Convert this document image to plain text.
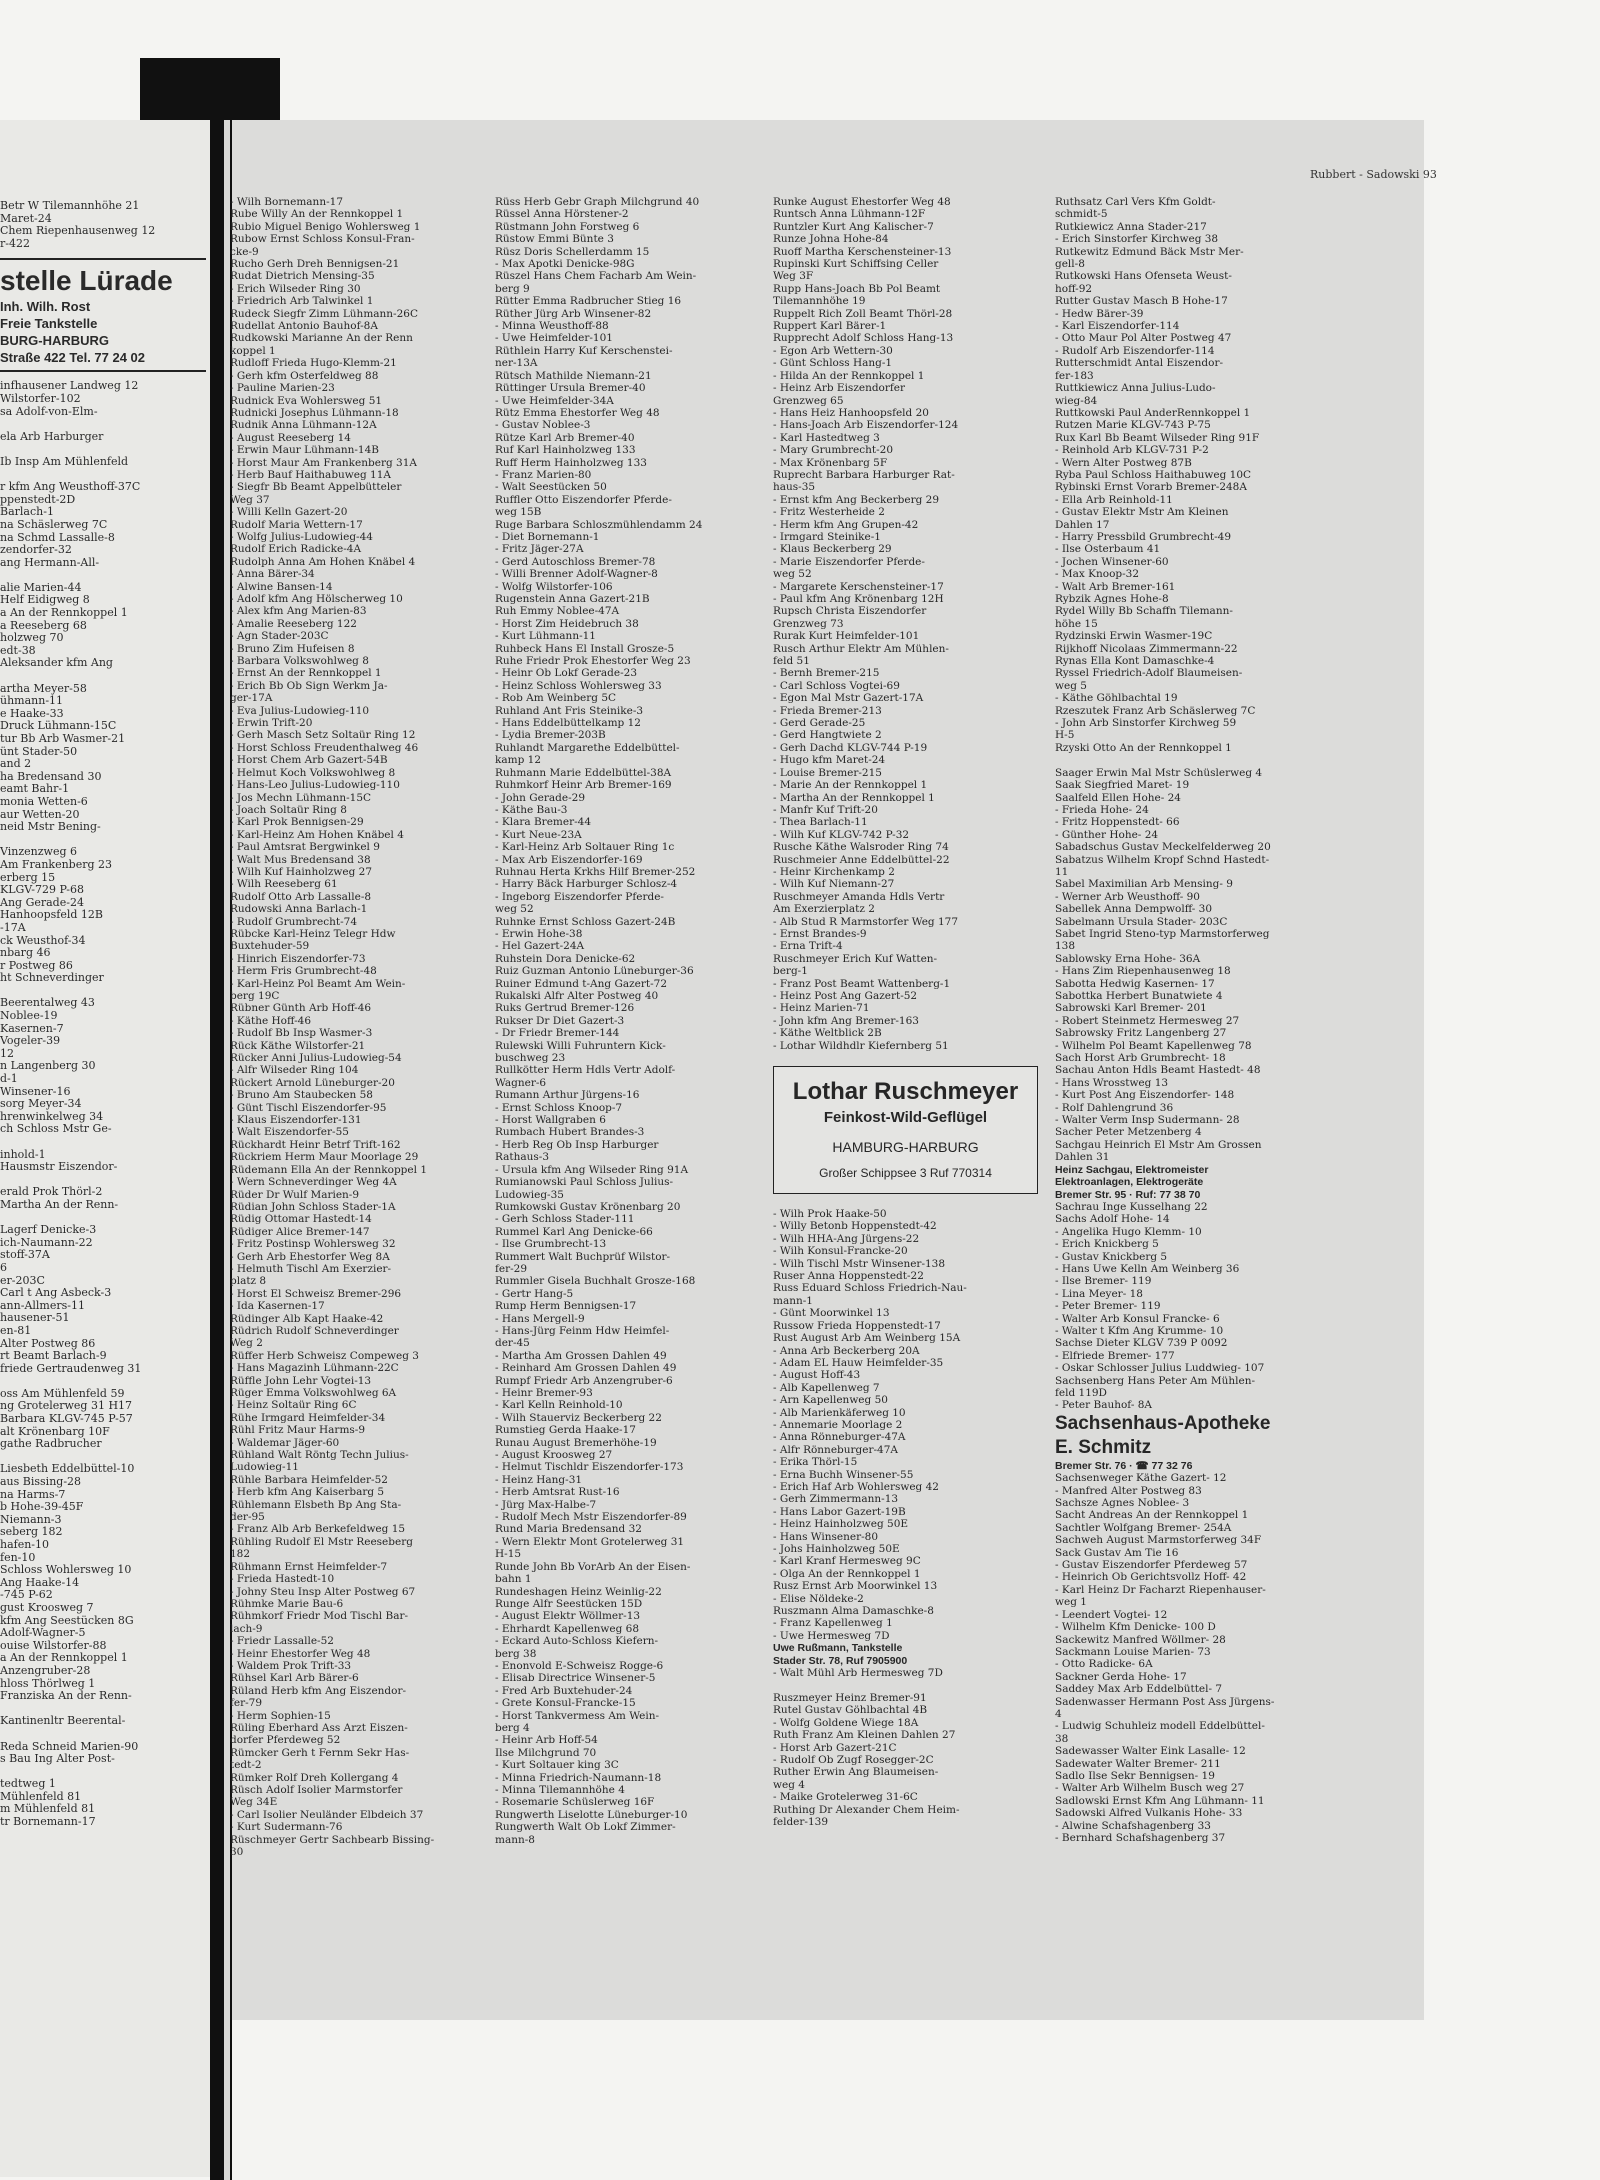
Betr W Tilemannhöhe 21
Maret-24
Chem Riepenhausenweg 12
r-422
stelle Lürade
Inh. Wilh. Rost
Freie Tankstelle
BURG-HARBURG
Straße 422 Tel. 77 24 02
infhausener Landweg 12
Wilstorfer-102
sa Adolf-von-Elm-

ela Arb Harburger

Ib Insp Am Mühlenfeld

r kfm Ang Weusthoff-37C
ppenstedt-2D
Barlach-1
na Schäslerweg 7C
na Schmd Lassalle-8
zendorfer-32
ang Hermann-All-

alie Marien-44
Helf Eidigweg 8
a An der Rennkoppel 1
a Reeseberg 68
holzweg 70
edt-38
Aleksander kfm Ang

artha Meyer-58
ühmann-11
e Haake-33
Druck Lühmann-15C
tur Bb Arb Wasmer-21
ünt Stader-50
and 2
ha Bredensand 30
eamt Bahr-1
monia Wetten-6
aur Wetten-20
neid Mstr Bening-

Vinzenzweg 6
Am Frankenberg 23
erberg 15
KLGV-729 P-68
Ang Gerade-24
Hanhoopsfeld 12B
-17A
ck Weusthof-34
nbarg 46
r Postweg 86
ht Schneverdinger

Beerentalweg 43
Noblee-19
Kasernen-7
Vogeler-39
12
n Langenberg 30
d-1
Winsener-16
sorg Meyer-34
hrenwinkelweg 34
ch Schloss Mstr Ge-

inhold-1
Hausmstr Eiszendor-

erald Prok Thörl-2
Martha An der Renn-

Lagerf Denicke-3
ich-Naumann-22
stoff-37A
6
er-203C
Carl t Ang Asbeck-3
ann-Allmers-11
hausener-51
en-81
Alter Postweg 86
rt Beamt Barlach-9
friede Gertraudenweg 31

oss Am Mühlenfeld 59
ng Grotelerweg 31 H17
Barbara KLGV-745 P-57
alt Krönenbarg 10F
gathe Radbrucher

Liesbeth Eddelbüttel-10
aus Bissing-28
na Harms-7
b Hohe-39-45F
Niemann-3
seberg 182
hafen-10
fen-10
Schloss Wohlersweg 10
Ang Haake-14
-745 P-62
gust Kroosweg 7
kfm Ang Seestücken 8G
Adolf-Wagner-5
ouise Wilstorfer-88
a An der Rennkoppel 1
Anzengruber-28
hloss Thörlweg 1
Franziska An der Renn-

Kantinenltr Beerental-

Reda Schneid Marien-90
s Bau Ing Alter Post-

tedtweg 1
Mühlenfeld 81
m Mühlenfeld 81
tr Bornemann-17
Rubbert - Sadowski 93
- Wilh Bornemann-17
Rube Willy An der Rennkoppel 1
Rubio Miguel Benigo Wohlersweg 1
Rubow Ernst Schloss Konsul-Fran-
cke-9
Rucho Gerh Dreh Bennigsen-21
Rudat Dietrich Mensing-35
- Erich Wilseder Ring 30
- Friedrich Arb Talwinkel 1
Rudeck Siegfr Zimm Lühmann-26C
Rudellat Antonio Bauhof-8A
Rudkowski Marianne An der Renn
koppel 1
Rudloff Frieda Hugo-Klemm-21
- Gerh kfm Osterfeldweg 88
- Pauline Marien-23
Rudnick Eva Wohlersweg 51
Rudnicki Josephus Lühmann-18
Rudnik Anna Lühmann-12A
- August Reeseberg 14
- Erwin Maur Lühmann-14B
- Horst Maur Am Frankenberg 31A
- Herb Bauf Haithabuweg 11A
- Siegfr Bb Beamt Appelbütteler
Weg 37
- Willi Kelln Gazert-20
Rudolf Maria Wettern-17
- Wolfg Julius-Ludowieg-44
Rudolf Erich Radicke-4A
Rudolph Anna Am Hohen Knäbel 4
- Anna Bärer-34
- Alwine Bansen-14
- Adolf kfm Ang Hölscherweg 10
- Alex kfm Ang Marien-83
- Amalie Reeseberg 122
- Agn Stader-203C
- Bruno Zim Hufeisen 8
- Barbara Volkswohlweg 8
- Ernst An der Rennkoppel 1
- Erich Bb Ob Sign Werkm Ja-
ger-17A
- Eva Julius-Ludowieg-110
- Erwin Trift-20
- Gerh Masch Setz Soltaür Ring 12
- Horst Schloss Freudenthalweg 46
- Horst Chem Arb Gazert-54B
- Helmut Koch Volkswohlweg 8
- Hans-Leo Julius-Ludowieg-110
- Jos Mechn Lühmann-15C
- Joach Soltaür Ring 8
- Karl Prok Bennigsen-29
- Karl-Heinz Am Hohen Knäbel 4
- Paul Amtsrat Bergwinkel 9
- Walt Mus Bredensand 38
- Wilh Kuf Hainholzweg 27
- Wilh Reeseberg 61
Rudolf Otto Arb Lassalle-8
Rudowski Anna Barlach-1
- Rudolf Grumbrecht-74
Rübcke Karl-Heinz Telegr Hdw
Buxtehuder-59
- Hinrich Eiszendorfer-73
- Herm Fris Grumbrecht-48
- Karl-Heinz Pol Beamt Am Wein-
berg 19C
Rübner Günth Arb Hoff-46
- Käthe Hoff-46
- Rudolf Bb Insp Wasmer-3
Rück Käthe Wilstorfer-21
Rücker Anni Julius-Ludowieg-54
- Alfr Wilseder Ring 104
Rückert Arnold Lüneburger-20
- Bruno Am Staubecken 58
- Günt Tischl Eiszendorfer-95
- Klaus Eiszendorfer-131
- Walt Eiszendorfer-55
Rückhardt Heinr Betrf Trift-162
Rückriem Herm Maur Moorlage 29
Rüdemann Ella An der Rennkoppel 1
- Wern Schneverdinger Weg 4A
Rüder Dr Wulf Marien-9
Rüdian John Schloss Stader-1A
Rüdig Ottomar Hastedt-14
Rüdiger Alice Bremer-147
- Fritz Postinsp Wohlersweg 32
- Gerh Arb Ehestorfer Weg 8A
- Helmuth Tischl Am Exerzier-
platz 8
- Horst El Schweisz Bremer-296
- Ida Kasernen-17
Rüdinger Alb Kapt Haake-42
Rüdrich Rudolf Schneverdinger
Weg 2
Rüffer Herb Schweisz Compeweg 3
- Hans Magazinh Lühmann-22C
Rüffle John Lehr Vogtei-13
Rüger Emma Volkswohlweg 6A
- Heinz Soltaür Ring 6C
Rühe Irmgard Heimfelder-34
Rühl Fritz Maur Harms-9
- Waldemar Jäger-60
Rühland Walt Röntg Techn Julius-
Ludowieg-11
Rühle Barbara Heimfelder-52
- Herb kfm Ang Kaiserbarg 5
Rühlemann Elsbeth Bp Ang Sta-
der-95
- Franz Alb Arb Berkefeldweg 15
Rühling Rudolf El Mstr Reeseberg
182
Rühmann Ernst Heimfelder-7
- Frieda Hastedt-10
- Johny Steu Insp Alter Postweg 67
Rühmke Marie Bau-6
Rühmkorf Friedr Mod Tischl Bar-
lach-9
- Friedr Lassalle-52
- Heinr Ehestorfer Weg 48
- Waldem Prok Trift-33
Rühsel Karl Arb Bärer-6
Rüland Herb kfm Ang Eiszendor-
fer-79
- Herm Sophien-15
Rüling Eberhard Ass Arzt Eiszen-
dorfer Pferdeweg 52
Rümcker Gerh t Fernm Sekr Has-
tedt-2
Rümker Rolf Dreh Kollergang 4
Rüsch Adolf Isolier Marmstorfer
Weg 34E
- Carl Isolier Neuländer Elbdeich 37
- Kurt Sudermann-76
Rüschmeyer Gertr Sachbearb Bissing-
30
Rüss Herb Gebr Graph Milchgrund 40
Rüssel Anna Hörstener-2
Rüstmann John Forstweg 6
Rüstow Emmi Bünte 3
Rüsz Doris Schellerdamm 15
- Max Apotki Denicke-98G
Rüszel Hans Chem Facharb Am Wein-
berg 9
Rütter Emma Radbrucher Stieg 16
Rüther Jürg Arb Winsener-82
- Minna Weusthoff-88
- Uwe Heimfelder-101
Rüthlein Harry Kuf Kerschenstei-
ner-13A
Rütsch Mathilde Niemann-21
Rüttinger Ursula Bremer-40
- Uwe Heimfelder-34A
Rütz Emma Ehestorfer Weg 48
- Gustav Noblee-3
Rütze Karl Arb Bremer-40
Ruf Karl Hainholzweg 133
Ruff Herm Hainholzweg 133
- Franz Marien-80
- Walt Seestücken 50
Ruffler Otto Eiszendorfer Pferde-
weg 15B
Ruge Barbara Schloszmühlendamm 24
- Diet Bornemann-1
- Fritz Jäger-27A
- Gerd Autoschloss Bremer-78
- Willi Brenner Adolf-Wagner-8
- Wolfg Wilstorfer-106
Rugenstein Anna Gazert-21B
Ruh Emmy Noblee-47A
- Horst Zim Heidebruch 38
- Kurt Lühmann-11
Ruhbeck Hans El Install Grosze-5
Ruhe Friedr Prok Ehestorfer Weg 23
- Heinr Ob Lokf Gerade-23
- Heinz Schloss Wohlersweg 33
- Rob Am Weinberg 5C
Ruhland Ant Fris Steinike-3
- Hans Eddelbüttelkamp 12
- Lydia Bremer-203B
Ruhlandt Margarethe Eddelbüttel-
kamp 12
Ruhmann Marie Eddelbüttel-38A
Ruhmkorf Heinr Arb Bremer-169
- John Gerade-29
- Käthe Bau-3
- Klara Bremer-44
- Kurt Neue-23A
- Karl-Heinz Arb Soltauer Ring 1c
- Max Arb Eiszendorfer-169
Ruhnau Herta Krkhs Hilf Bremer-252
- Harry Bäck Harburger Schlosz-4
- Ingeborg Eiszendorfer Pferde-
weg 52
Ruhnke Ernst Schloss Gazert-24B
- Erwin Hohe-38
- Hel Gazert-24A
Ruhstein Dora Denicke-62
Ruiz Guzman Antonio Lüneburger-36
Ruiner Edmund t-Ang Gazert-72
Rukalski Alfr Alter Postweg 40
Ruks Gertrud Bremer-126
Rukser Dr Diet Gazert-3
- Dr Friedr Bremer-144
Rulewski Willi Fuhruntern Kick-
buschweg 23
Rullkötter Herm Hdls Vertr Adolf-
Wagner-6
Rumann Arthur Jürgens-16
- Ernst Schloss Knoop-7
- Horst Wallgraben 6
Rumbach Hubert Brandes-3
- Herb Reg Ob Insp Harburger
Rathaus-3
- Ursula kfm Ang Wilseder Ring 91A
Rumianowski Paul Schloss Julius-
Ludowieg-35
Rumkowski Gustav Krönenbarg 20
- Gerh Schloss Stader-111
Rummel Karl Ang Denicke-66
- Ilse Grumbrecht-13
Rummert Walt Buchprüf Wilstor-
fer-29
Rummler Gisela Buchhalt Grosze-168
- Gertr Hang-5
Rump Herm Bennigsen-17
- Hans Mergell-9
- Hans-Jürg Feinm Hdw Heimfel-
der-45
- Martha Am Grossen Dahlen 49
- Reinhard Am Grossen Dahlen 49
Rumpf Friedr Arb Anzengruber-6
- Heinr Bremer-93
- Karl Kelln Reinhold-10
- Wilh Stauerviz Beckerberg 22
Rumstieg Gerda Haake-17
Runau August Bremerhöhe-19
- August Kroosweg 27
- Helmut Tischldr Eiszendorfer-173
- Heinz Hang-31
- Herb Amtsrat Rust-16
- Jürg Max-Halbe-7
- Rudolf Mech Mstr Eiszendorfer-89
Rund Maria Bredensand 32
- Wern Elektr Mont Grotelerweg 31
H-15
Runde John Bb VorArb An der Eisen-
bahn 1
Rundeshagen Heinz Weinlig-22
Runge Alfr Seestücken 15D
- August Elektr Wöllmer-13
- Ehrhardt Kapellenweg 68
- Eckard Auto-Schloss Kiefern-
berg 38
- Enonvold E-Schweisz Rogge-6
- Elisab Directrice Winsener-5
- Fred Arb Buxtehuder-24
- Grete Konsul-Francke-15
- Horst Tankvermess Am Wein-
berg 4
- Heinr Arb Hoff-54
Ilse Milchgrund 70
- Kurt Soltauer king 3C
- Minna Friedrich-Naumann-18
- Minna Tilemannhöhe 4
- Rosemarie Schüslerweg 16F
Rungwerth Liselotte Lüneburger-10
Rungwerth Walt Ob Lokf Zimmer-
mann-8
Runke August Ehestorfer Weg 48
Runtsch Anna Lühmann-12F
Runtzler Kurt Ang Kalischer-7
Runze Johna Hohe-84
Ruoff Martha Kerschensteiner-13
Rupinski Kurt Schiffsing Celler
Weg 3F
Rupp Hans-Joach Bb Pol Beamt
Tilemannhöhe 19
Ruppelt Rich Zoll Beamt Thörl-28
Ruppert Karl Bärer-1
Rupprecht Adolf Schloss Hang-13
- Egon Arb Wettern-30
- Günt Schloss Hang-1
- Hilda An der Rennkoppel 1
- Heinz Arb Eiszendorfer
Grenzweg 65
- Hans Heiz Hanhoopsfeld 20
- Hans-Joach Arb Eiszendorfer-124
- Karl Hastedtweg 3
- Mary Grumbrecht-20
- Max Krönenbarg 5F
Ruprecht Barbara Harburger Rat-
haus-35
- Ernst kfm Ang Beckerberg 29
- Fritz Westerheide 2
- Herm kfm Ang Grupen-42
- Irmgard Steinike-1
- Klaus Beckerberg 29
- Marie Eiszendorfer Pferde-
weg 52
- Margarete Kerschensteiner-17
- Paul kfm Ang Krönenbarg 12H
Rupsch Christa Eiszendorfer
Grenzweg 73
Rurak Kurt Heimfelder-101
Rusch Arthur Elektr Am Mühlen-
feld 51
- Bernh Bremer-215
- Carl Schloss Vogtei-69
- Egon Mal Mstr Gazert-17A
- Frieda Bremer-213
- Gerd Gerade-25
- Gerd Hangtwiete 2
- Gerh Dachd KLGV-744 P-19
- Hugo kfm Maret-24
- Louise Bremer-215
- Marie An der Rennkoppel 1
- Martha An der Rennkoppel 1
- Manfr Kuf Trift-20
- Thea Barlach-11
- Wilh Kuf KLGV-742 P-32
Rusche Käthe Walsroder Ring 74
Ruschmeier Anne Eddelbüttel-22
- Heinr Kirchenkamp 2
- Wilh Kuf Niemann-27
Ruschmeyer Amanda Hdls Vertr
Am Exerzierplatz 2
- Alb Stud R Marmstorfer Weg 177
- Ernst Brandes-9
- Erna Trift-4
Ruschmeyer Erich Kuf Watten-
berg-1
- Franz Post Beamt Wattenberg-1
- Heinz Post Ang Gazert-52
- Heinz Marien-71
- John kfm Ang Bremer-163
- Käthe Weltblick 2B
- Lothar Wildhdlr Kiefernberg 51
Lothar Ruschmeyer
Feinkost-Wild-Geflügel
HAMBURG-HARBURG
Großer Schippsee 3 Ruf 770314
- Wilh Prok Haake-50
- Willy Betonb Hoppenstedt-42
- Wilh HHA-Ang Jürgens-22
- Wilh Konsul-Francke-20
- Wilh Tischl Mstr Winsener-138
Ruser Anna Hoppenstedt-22
Russ Eduard Schloss Friedrich-Nau-
mann-1
- Günt Moorwinkel 13
Russow Frieda Hoppenstedt-17
Rust August Arb Am Weinberg 15A
- Anna Arb Beckerberg 20A
- Adam EL Hauw Heimfelder-35
- August Hoff-43
- Alb Kapellenweg 7
- Arn Kapellenweg 50
- Alb Marienkäferweg 10
- Annemarie Moorlage 2
- Anna Rönneburger-47A
- Alfr Rönneburger-47A
- Erika Thörl-15
- Erna Buchh Winsener-55
- Erich Haf Arb Wohlersweg 42
- Gerh Zimmermann-13
- Hans Labor Gazert-19B
- Heinz Hainholzweg 50E
- Hans Winsener-80
- Johs Hainholzweg 50E
- Karl Kranf Hermesweg 9C
- Olga An der Rennkoppel 1
Rusz Ernst Arb Moorwinkel 13
- Elise Nöldeke-2
Ruszmann Alma Damaschke-8
- Franz Kapellenweg 1
- Uwe Hermesweg 7D
Uwe Rußmann, Tankstelle
Stader Str. 78, Ruf 7905900
- Walt Mühl Arb Hermesweg 7D

Ruszmeyer Heinz Bremer-91
Rutel Gustav Göhlbachtal 4B
- Wolfg Goldene Wiege 18A
Ruth Franz Am Kleinen Dahlen 27
- Horst Arb Gazert-21C
- Rudolf Ob Zugf Rosegger-2C
Ruther Erwin Ang Blaumeisen-
weg 4
- Maike Grotelerweg 31-6C
Ruthing Dr Alexander Chem Heim-
felder-139
Ruthsatz Carl Vers Kfm Goldt-
schmidt-5
Rutkiewicz Anna Stader-217
- Erich Sinstorfer Kirchweg 38
Rutkewitz Edmund Bäck Mstr Mer-
gell-8
Rutkowski Hans Ofenseta Weust-
hoff-92
Rutter Gustav Masch B Hohe-17
- Hedw Bärer-39
- Karl Eiszendorfer-114
- Otto Maur Pol Alter Postweg 47
- Rudolf Arb Eiszendorfer-114
Rutterschmidt Antal Eiszendor-
fer-183
Ruttkiewicz Anna Julius-Ludo-
wieg-84
Ruttkowski Paul AnderRennkoppel 1
Rutzen Marie KLGV-743 P-75
Rux Karl Bb Beamt Wilseder Ring 91F
- Reinhold Arb KLGV-731 P-2
- Wern Alter Postweg 87B
Ryba Paul Schloss Haithabuweg 10C
Rybinski Ernst Vorarb Bremer-248A
- Ella Arb Reinhold-11
- Gustav Elektr Mstr Am Kleinen
Dahlen 17
- Harry Pressbild Grumbrecht-49
- Ilse Osterbaum 41
- Jochen Winsener-60
- Max Knoop-32
- Walt Arb Bremer-161
Rybzik Agnes Hohe-8
Rydel Willy Bb Schaffn Tilemann-
höhe 15
Rydzinski Erwin Wasmer-19C
Rijkhoff Nicolaas Zimmermann-22
Rynas Ella Kont Damaschke-4
Ryssel Friedrich-Adolf Blaumeisen-
weg 5
- Käthe Göhlbachtal 19
Rzeszutek Franz Arb Schäslerweg 7C
- John Arb Sinstorfer Kirchweg 59
H-5
Rzyski Otto An der Rennkoppel 1

Saager Erwin Mal Mstr Schüslerweg 4
Saak Siegfried Maret- 19
Saalfeld Ellen Hohe- 24
- Frieda Hohe- 24
- Fritz Hoppenstedt- 66
- Günther Hohe- 24
Sabadschus Gustav Meckelfelderweg 20
Sabatzus Wilhelm Kropf Schnd Hastedt-
11
Sabel Maximilian Arb Mensing- 9
- Werner Arb Weusthoff- 90
Sabellek Anna Dempwolff- 30
Sabelmann Ursula Stader- 203C
Sabet Ingrid Steno-typ Marmstorferweg
138
Sablowsky Erna Hohe- 36A
- Hans Zim Riepenhausenweg 18
Sabotta Hedwig Kasernen- 17
Sabottka Herbert Bunatwiete 4
Sabrowski Karl Bremer- 201
- Robert Steinmetz Hermesweg 27
Sabrowsky Fritz Langenberg 27
- Wilhelm Pol Beamt Kapellenweg 78
Sach Horst Arb Grumbrecht- 18
Sachau Anton Hdls Beamt Hastedt- 48
- Hans Wrosstweg 13
- Kurt Post Ang Eiszendorfer- 148
- Rolf Dahlengrund 36
- Walter Verm Insp Sudermann- 28
Sacher Peter Metzenberg 4
Sachgau Heinrich El Mstr Am Grossen
Dahlen 31
Heinz Sachgau, Elektromeister
Elektroanlagen, Elektrogeräte
Bremer Str. 95 · Ruf: 77 38 70
Sachrau Inge Kusselhang 22
Sachs Adolf Hohe- 14
- Angelika Hugo Klemm- 10
- Erich Knickberg 5
- Gustav Knickberg 5
- Hans Uwe Kelln Am Weinberg 36
- Ilse Bremer- 119
- Lina Meyer- 18
- Peter Bremer- 119
- Walter Arb Konsul Francke- 6
- Walter t Kfm Ang Krumme- 10
Sachse Dieter KLGV 739 P 0092
- Elfriede Bremer- 177
- Oskar Schlosser Julius Luddwieg- 107
Sachsenberg Hans Peter Am Mühlen-
feld 119D
- Peter Bauhof- 8A
Sachsenhaus-Apotheke
E. Schmitz
Bremer Str. 76 · ☎ 77 32 76
Sachsenweger Käthe Gazert- 12
- Manfred Alter Postweg 83
Sachsze Agnes Noblee- 3
Sacht Andreas An der Rennkoppel 1
Sachtler Wolfgang Bremer- 254A
Sachweh August Marmstorferweg 34F
Sack Gustav Am Tie 16
- Gustav Eiszendorfer Pferdeweg 57
- Heinrich Ob Gerichtsvollz Hoff- 42
- Karl Heinz Dr Facharzt Riepenhauser-
weg 1
- Leendert Vogtei- 12
- Wilhelm Kfm Denicke- 100 D
Sackewitz Manfred Wöllmer- 28
Sackmann Louise Marien- 73
- Otto Radicke- 6A
Sackner Gerda Hohe- 17
Saddey Max Arb Eddelbüttel- 7
Sadenwasser Hermann Post Ass Jürgens-
4
- Ludwig Schuhleiz modell Eddelbüttel-
38
Sadewasser Walter Eink Lasalle- 12
Sadewater Walter Bremer- 211
Sadlo Ilse Sekr Bennigsen- 19
- Walter Arb Wilhelm Busch weg 27
Sadlowski Ernst Kfm Ang Lühmann- 11
Sadowski Alfred Vulkanis Hohe- 33
- Alwine Schafshagenberg 33
- Bernhard Schafshagenberg 37
